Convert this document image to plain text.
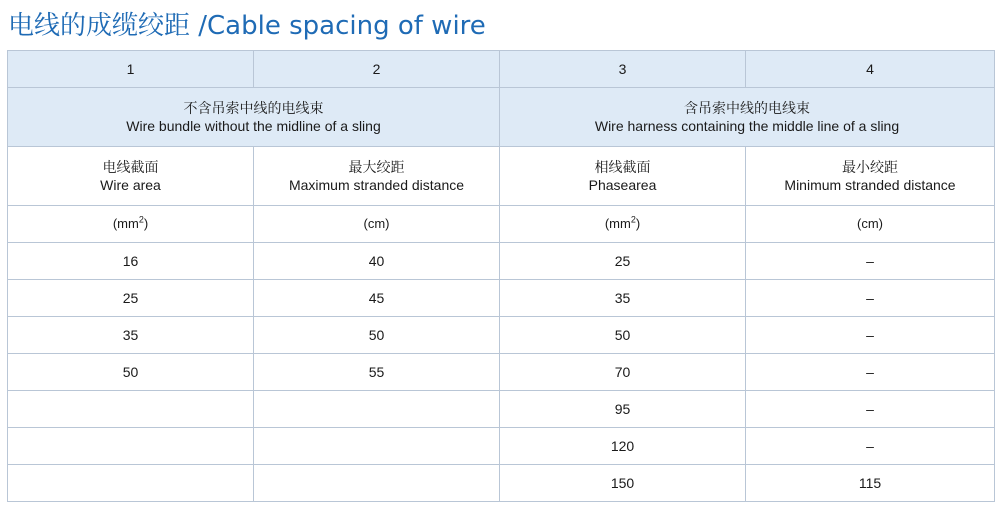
电线的成缆绞距 /Cable spacing of wire
1	2	3	4

不含吊索中线的电线束
Wire bundle without the midline of a sling		含吊索中线的电线束
Wire harness containing the middle line of a sling	

电线截面
Wire area	最大绞距
Maximum stranded distance	相线截面
Phasearea	最小绞距
Minimum stranded distance

$(mm^2)$	(cm)	$(mm^2)$	(cm)
16	40	25	–
25	45	35	–
35	50	50	–
50	55	70	–
		95	–
		120	–
		150	115
